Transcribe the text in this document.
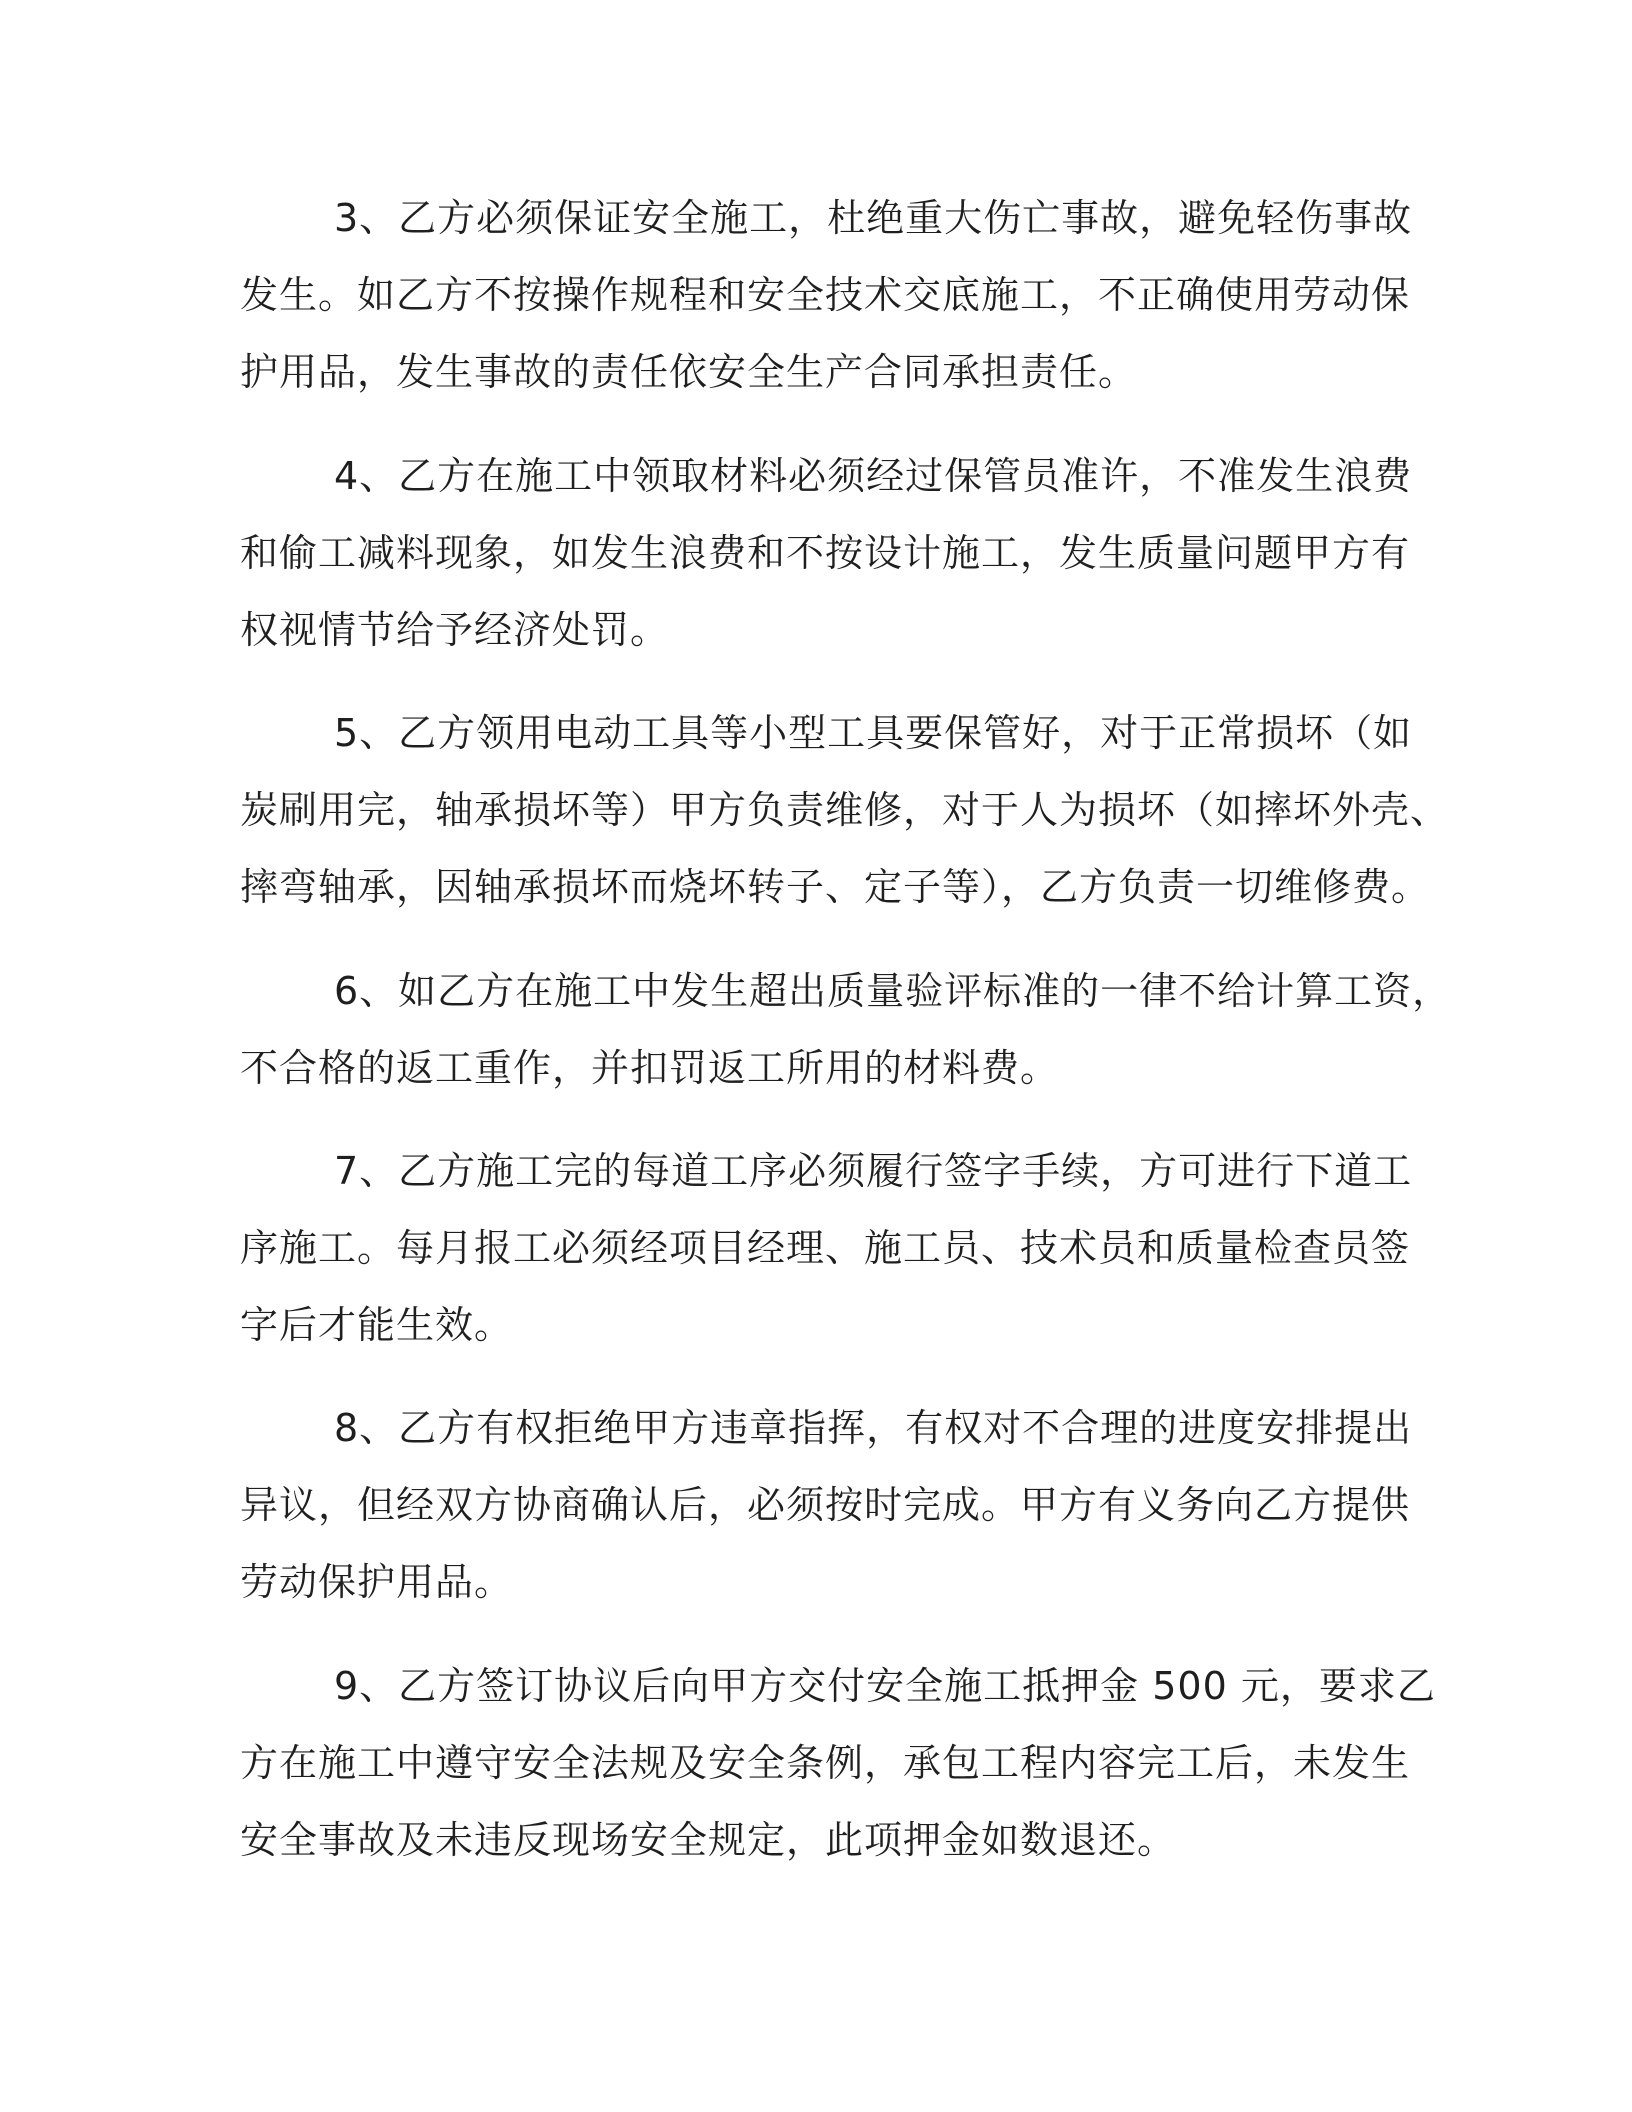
3、乙方必须保证安全施工，杜绝重大伤亡事故，避免轻伤事故
发生。如乙方不按操作规程和安全技术交底施工，不正确使用劳动保
护用品，发生事故的责任依安全生产合同承担责任。

4、乙方在施工中领取材料必须经过保管员准许，不准发生浪费
和偷工减料现象，如发生浪费和不按设计施工，发生质量问题甲方有
权视情节给予经济处罚。

5、乙方领用电动工具等小型工具要保管好，对于正常损坏（如
炭刷用完，轴承损坏等）甲方负责维修，对于人为损坏（如摔坏外壳、
摔弯轴承，因轴承损坏而烧坏转子、定子等），乙方负责一切维修费。

6、如乙方在施工中发生超出质量验评标准的一律不给计算工资，
不合格的返工重作，并扣罚返工所用的材料费。

7、乙方施工完的每道工序必须履行签字手续，方可进行下道工
序施工。每月报工必须经项目经理、施工员、技术员和质量检查员签
字后才能生效。

8、乙方有权拒绝甲方违章指挥，有权对不合理的进度安排提出
异议，但经双方协商确认后，必须按时完成。甲方有义务向乙方提供
劳动保护用品。

9、乙方签订协议后向甲方交付安全施工抵押金 500 元，要求乙
方在施工中遵守安全法规及安全条例，承包工程内容完工后，未发生
安全事故及未违反现场安全规定，此项押金如数退还。
